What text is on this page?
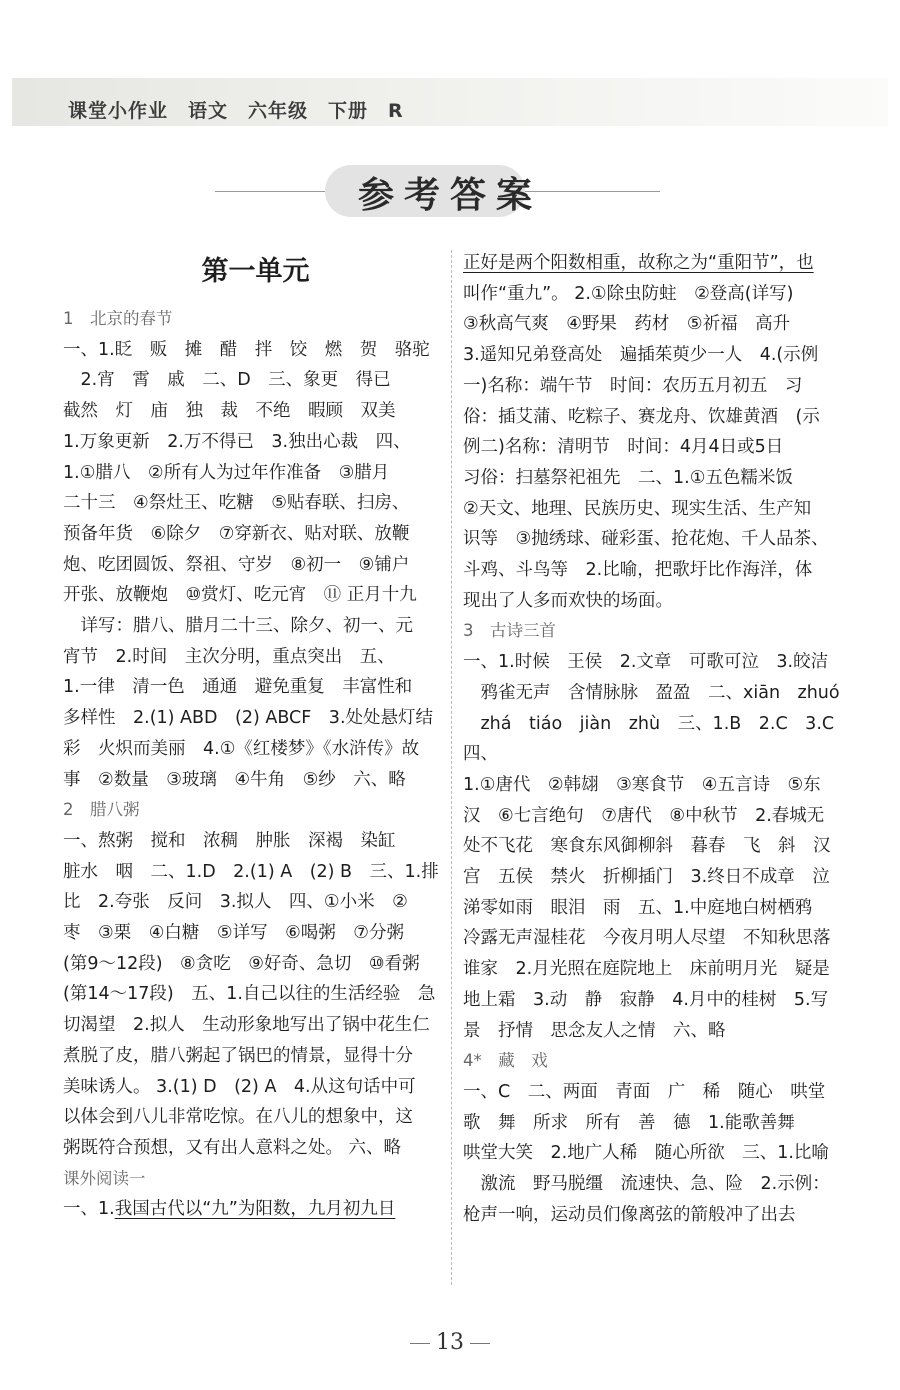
课堂小作业　语文　六年级　下册　R
参考答案
第一单元
1　北京的春节
一、1.眨　贩　摊　醋　拌　饺　燃　贺　骆驼
　2.宵　霄　戚　二、D　三、象更　得已
截然　灯　庙　独　裁　不绝　暇顾　双美
1.万象更新　2.万不得已　3.独出心裁　四、
1.①腊八　②所有人为过年作准备　③腊月
二十三　④祭灶王、吃糖　⑤贴春联、扫房、
预备年货　⑥除夕　⑦穿新衣、贴对联、放鞭
炮、吃团圆饭、祭祖、守岁　⑧初一　⑨铺户
开张、放鞭炮　⑩赏灯、吃元宵　⑪ 正月十九
　详写：腊八、腊月二十三、除夕、初一、元
宵节　2.时间　主次分明，重点突出　五、
1.一律　清一色　通通　避免重复　丰富性和
多样性　2.(1) ABD　(2) ABCF　3.处处悬灯结
彩　火炽而美丽　4.①《红楼梦》《水浒传》故
事　②数量　③玻璃　④牛角　⑤纱　六、略
2　腊八粥
一、熬粥　搅和　浓稠　肿胀　深褐　染缸
脏水　咽　二、1.D　2.(1) A　(2) B　三、1.排
比　2.夸张　反问　3.拟人　四、①小米　②
枣　③栗　④白糖　⑤详写　⑥喝粥　⑦分粥
(第9～12段)　⑧贪吃　⑨好奇、急切　⑩看粥
(第14～17段)　五、1.自己以往的生活经验　急
切渴望　2.拟人　生动形象地写出了锅中花生仁
煮脱了皮，腊八粥起了锅巴的情景，显得十分
美味诱人。 3.(1) D　(2) A　4.从这句话中可
以体会到八儿非常吃惊。在八儿的想象中，这
粥既符合预想，又有出人意料之处。 六、略
课外阅读一
一、1.我国古代以“九”为阳数，九月初九日
正好是两个阳数相重，故称之为“重阳节”，也
叫作“重九”。 2.①除虫防蛀　②登高(详写)
③秋高气爽　④野果　药材　⑤祈福　高升
3.遥知兄弟登高处　遍插茱萸少一人　4.(示例
一)名称：端午节　时间：农历五月初五　习
俗：插艾蒲、吃粽子、赛龙舟、饮雄黄酒　(示
例二)名称：清明节　时间：4月4日或5日
习俗：扫墓祭祀祖先　二、1.①五色糯米饭
②天文、地理、民族历史、现实生活、生产知
识等　③抛绣球、碰彩蛋、抢花炮、千人品茶、
斗鸡、斗鸟等　2.比喻，把歌圩比作海洋，体
现出了人多而欢快的场面。
3　古诗三首
一、1.时候　王侯　2.文章　可歌可泣　3.皎洁
　鸦雀无声　含情脉脉　盈盈　二、xiān　zhuó
　zhá　tiáo　jiàn　zhù　三、1.B　2.C　3.C　四、
1.①唐代　②韩翃　③寒食节　④五言诗　⑤东
汉　⑥七言绝句　⑦唐代　⑧中秋节　2.春城无
处不飞花　寒食东风御柳斜　暮春　飞　斜　汉
宫　五侯　禁火　折柳插门　3.终日不成章　泣
涕零如雨　眼泪　雨　五、1.中庭地白树栖鸦
冷露无声湿桂花　今夜月明人尽望　不知秋思落
谁家　2.月光照在庭院地上　床前明月光　疑是
地上霜　3.动　静　寂静　4.月中的桂树　5.写
景　抒情　思念友人之情　六、略
4*　藏　戏
一、C　二、两面　青面　广　稀　随心　哄堂
歌　舞　所求　所有　善　德　1.能歌善舞
哄堂大笑　2.地广人稀　随心所欲　三、1.比喻
　激流　野马脱缰　流速快、急、险　2.示例：
枪声一响，运动员们像离弦的箭般冲了出去
13
